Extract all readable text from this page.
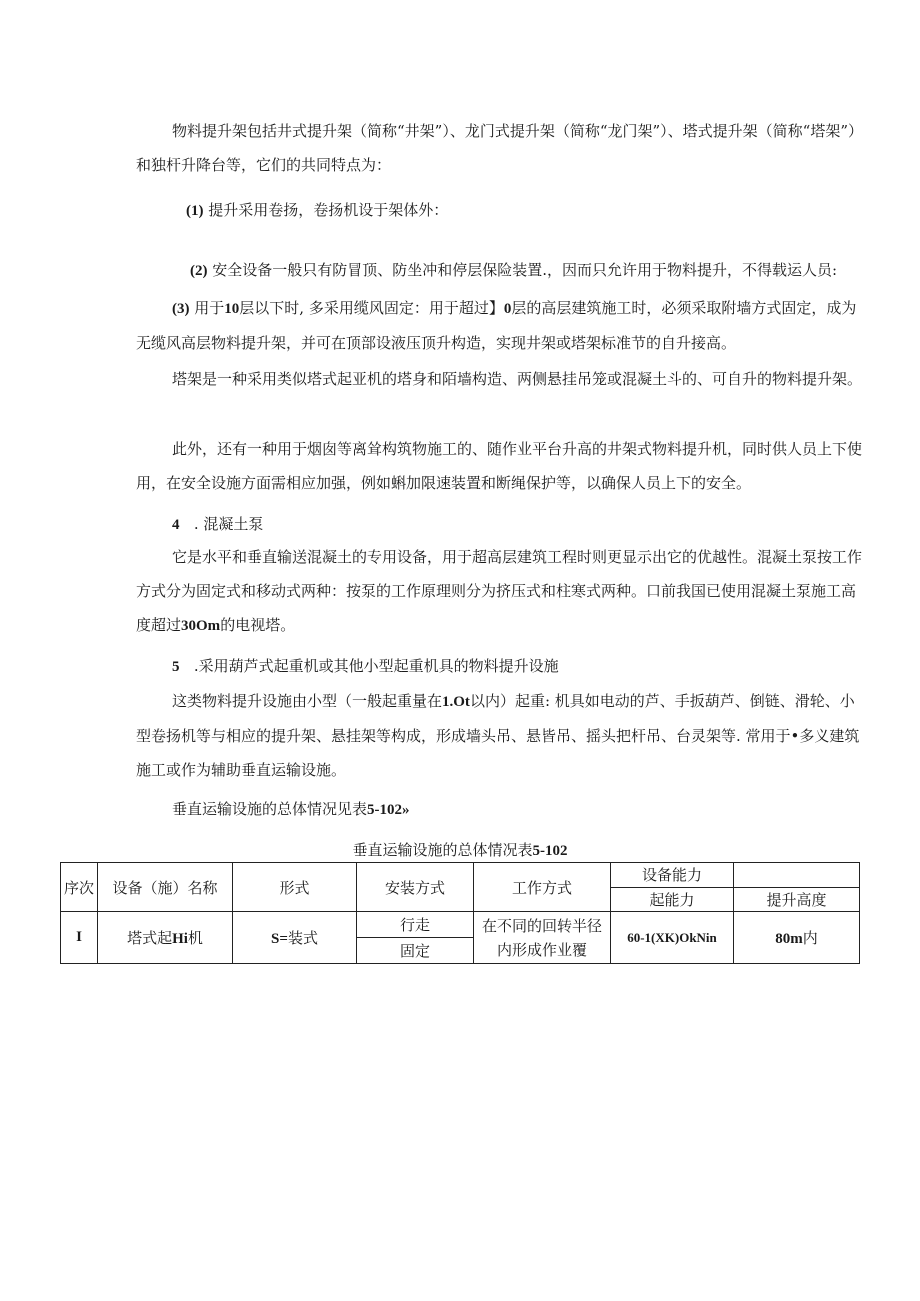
物料提升架包括井式提升架（简称“井架”）、龙门式提升架（简称“龙门架”）、塔式提升架（简称“塔架”）和独杆升降台等，它们的共同特点为：

(1) 提升采用卷扬，卷扬机设于架体外：
(2) 安全设备一般只有防冒顶、防坐冲和停层保险装置.，因而只允许用于物料提升，不得载运人员:

(3) 用于10层以下时, 多采用缆风固定：用于超过】0层的高层建筑施工时，必须采取附墙方式固定，成为无缆风高层物料提升架，并可在顶部设液压顶升构造，实现井架或塔架标准节的自升接高。

塔架是一种采用类似塔式起亚机的塔身和陌墙构造、两侧悬挂吊笼或混凝土斗的、可自升的物料提升架。

此外，还有一种用于烟囱等离耸构筑物施工的、随作业平台升高的井架式物料提升机，同时供人员上下使用，在安全设施方面需相应加强，例如蝌加限速装置和断绳保护等，以确保人员上下的安全。

4 . 混凝土泵

它是水平和垂直输送混凝土的专用设备，用于超高层建筑工程时则更显示出它的优越性。混凝土泵按工作方式分为固定式和移动式两种：按泵的工作原理则分为挤压式和柱寒式两种。口前我国已使用混凝土泵施工高度超过30Om的电视塔。

5 .采用葫芦式起重机或其他小型起重机具的物料提升设施

这类物料提升设施由小型（一般起重量在1.Ot以内）起重: 机具如电动的芦、手扳葫芦、倒链、滑轮、小型卷扬机等与相应的提升架、悬挂架等构成，形成墙头吊、悬皆吊、摇头把杆吊、台灵架等. 常用于•多义建筑施工或作为辅助垂直运输设施。

垂直运输设施的总体情况见表5-102»
垂直运输设施的总体情况表5-102
序次	设备（施）名称	形式	安装方式	工作方式	设备能力	
					起能力	提升高度
I	塔式起Hi机	S=装式	行走	在不同的回转半径内形成作业覆	60-1(XK)OkNin	80m内
			固定			
